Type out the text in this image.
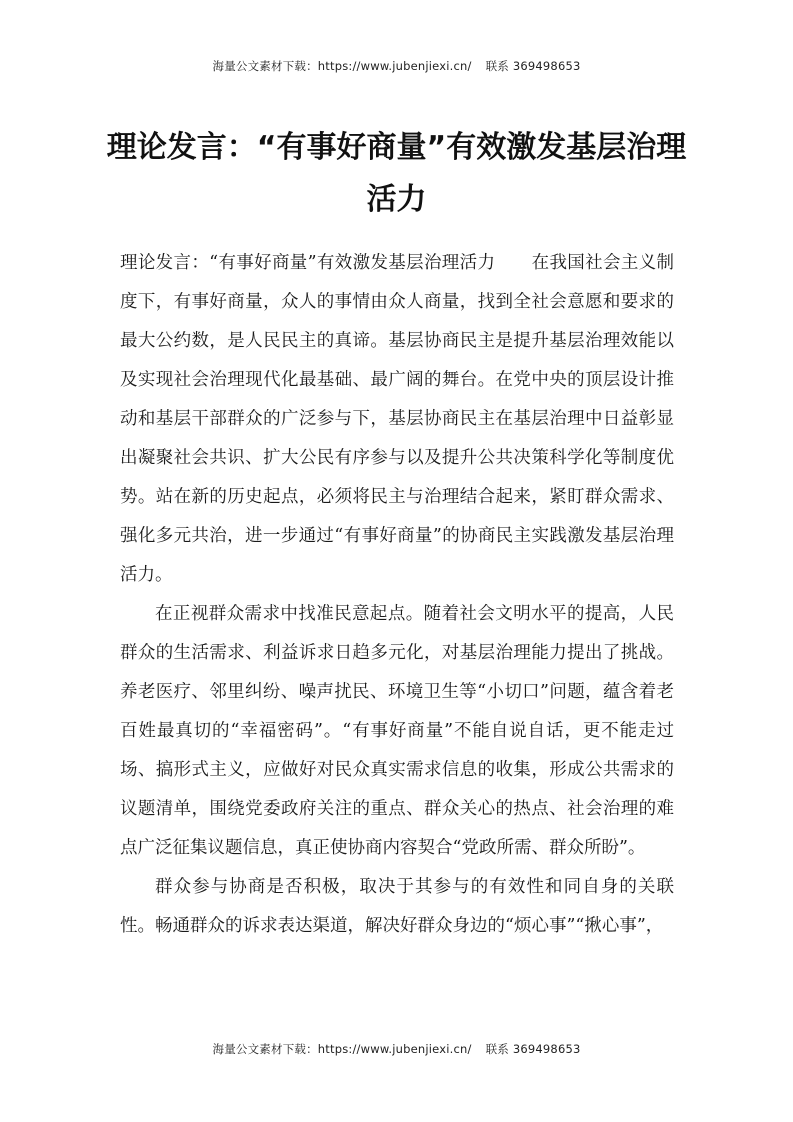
海量公文素材下载：https://www.jubenjiexi.cn/ 联系 369498653
理论发言：“有事好商量”有效激发基层治理活力

理论发言：“有事好商量”有效激发基层治理活力 在我国社会主义制度下，有事好商量，众人的事情由众人商量，找到全社会意愿和要求的最大公约数，是人民民主的真谛。基层协商民主是提升基层治理效能以及实现社会治理现代化最基础、最广阔的舞台。在党中央的顶层设计推动和基层干部群众的广泛参与下，基层协商民主在基层治理中日益彰显出凝聚社会共识、扩大公民有序参与以及提升公共决策科学化等制度优势。站在新的历史起点，必须将民主与治理结合起来，紧盯群众需求、强化多元共治，进一步通过“有事好商量”的协商民主实践激发基层治理活力。

在正视群众需求中找准民意起点。随着社会文明水平的提高，人民群众的生活需求、利益诉求日趋多元化，对基层治理能力提出了挑战。养老医疗、邻里纠纷、噪声扰民、环境卫生等“小切口”问题，蕴含着老百姓最真切的“幸福密码”。“有事好商量”不能自说自话，更不能走过场、搞形式主义，应做好对民众真实需求信息的收集，形成公共需求的议题清单，围绕党委政府关注的重点、群众关心的热点、社会治理的难点广泛征集议题信息，真正使协商内容契合“党政所需、群众所盼”。

群众参与协商是否积极，取决于其参与的有效性和同自身的关联性。畅通群众的诉求表达渠道，解决好群众身边的“烦心事”“揪心事”，

海量公文素材下载：https://www.jubenjiexi.cn/ 联系 369498653
